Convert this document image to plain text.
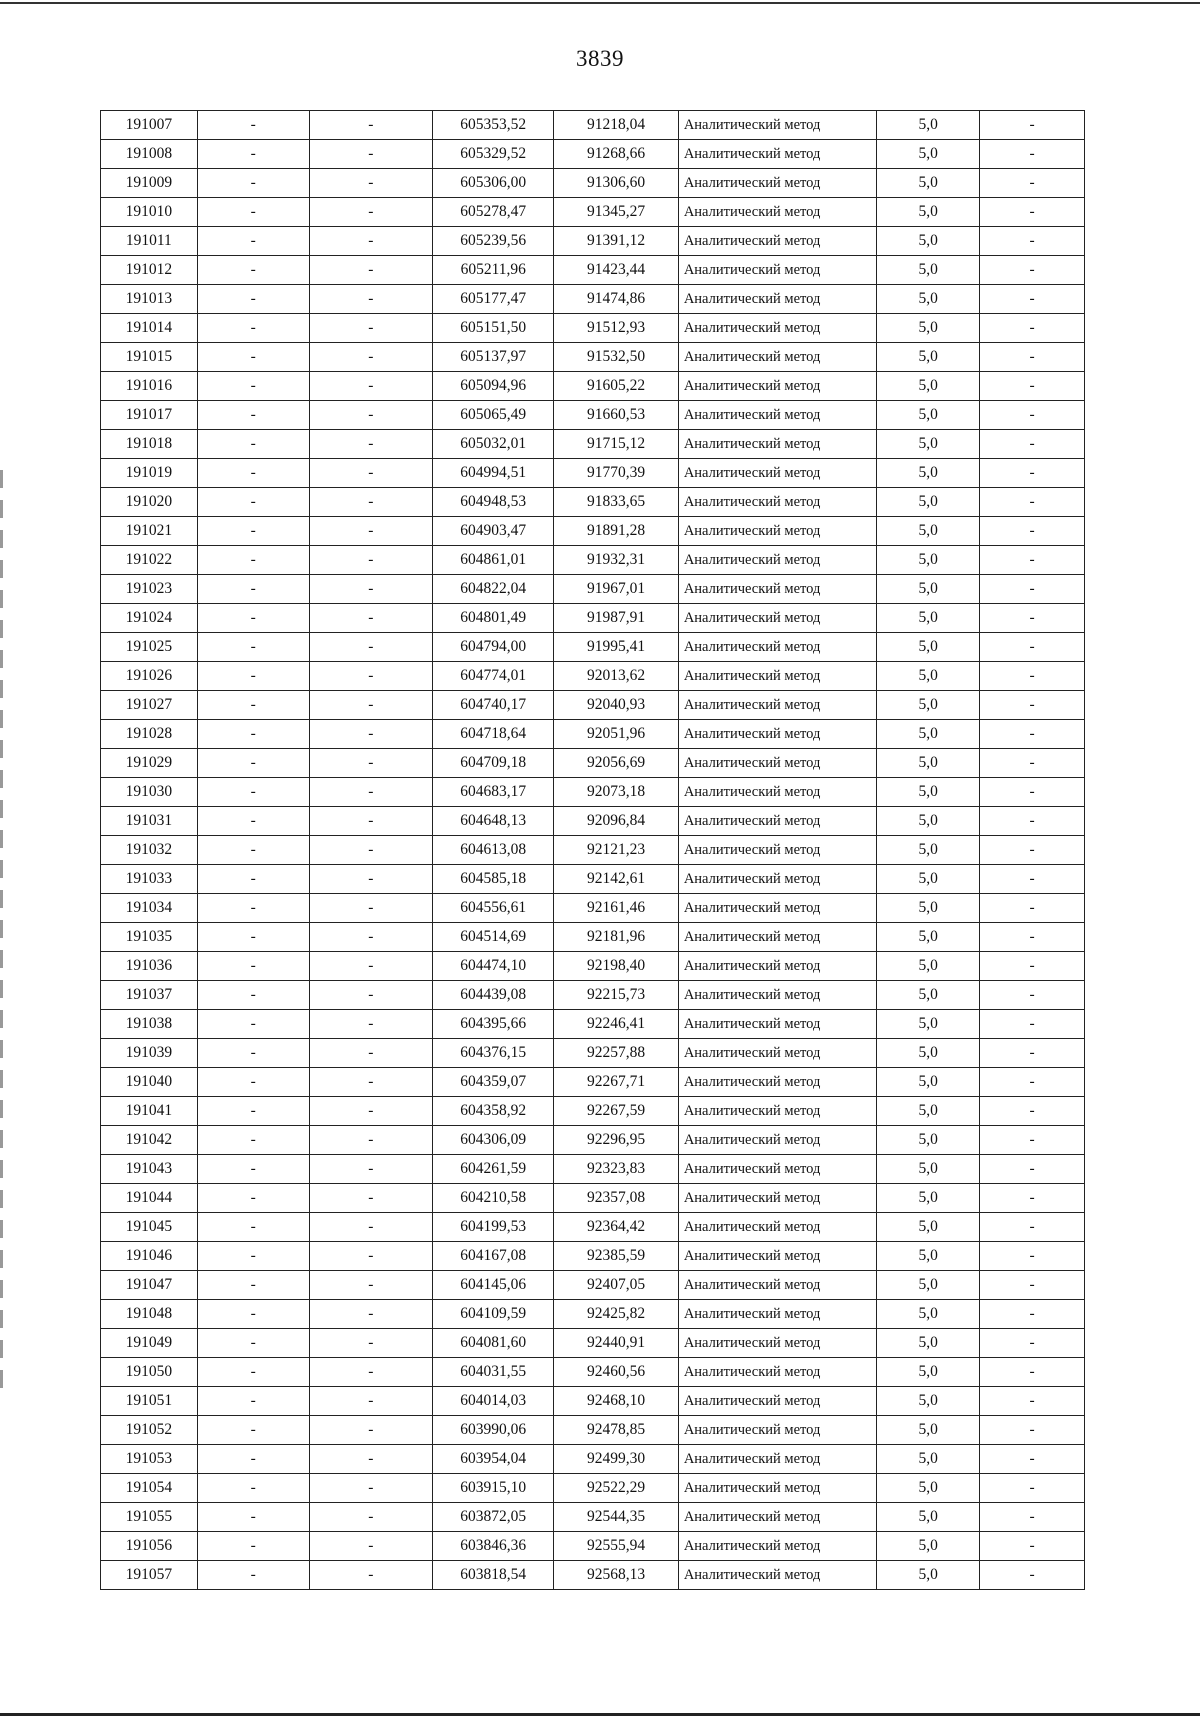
3839
191007	-	-	605353,52	91218,04	Аналитический метод	5,0	-
191008	-	-	605329,52	91268,66	Аналитический метод	5,0	-
191009	-	-	605306,00	91306,60	Аналитический метод	5,0	-
191010	-	-	605278,47	91345,27	Аналитический метод	5,0	-
191011	-	-	605239,56	91391,12	Аналитический метод	5,0	-
191012	-	-	605211,96	91423,44	Аналитический метод	5,0	-
191013	-	-	605177,47	91474,86	Аналитический метод	5,0	-
191014	-	-	605151,50	91512,93	Аналитический метод	5,0	-
191015	-	-	605137,97	91532,50	Аналитический метод	5,0	-
191016	-	-	605094,96	91605,22	Аналитический метод	5,0	-
191017	-	-	605065,49	91660,53	Аналитический метод	5,0	-
191018	-	-	605032,01	91715,12	Аналитический метод	5,0	-
191019	-	-	604994,51	91770,39	Аналитический метод	5,0	-
191020	-	-	604948,53	91833,65	Аналитический метод	5,0	-
191021	-	-	604903,47	91891,28	Аналитический метод	5,0	-
191022	-	-	604861,01	91932,31	Аналитический метод	5,0	-
191023	-	-	604822,04	91967,01	Аналитический метод	5,0	-
191024	-	-	604801,49	91987,91	Аналитический метод	5,0	-
191025	-	-	604794,00	91995,41	Аналитический метод	5,0	-
191026	-	-	604774,01	92013,62	Аналитический метод	5,0	-
191027	-	-	604740,17	92040,93	Аналитический метод	5,0	-
191028	-	-	604718,64	92051,96	Аналитический метод	5,0	-
191029	-	-	604709,18	92056,69	Аналитический метод	5,0	-
191030	-	-	604683,17	92073,18	Аналитический метод	5,0	-
191031	-	-	604648,13	92096,84	Аналитический метод	5,0	-
191032	-	-	604613,08	92121,23	Аналитический метод	5,0	-
191033	-	-	604585,18	92142,61	Аналитический метод	5,0	-
191034	-	-	604556,61	92161,46	Аналитический метод	5,0	-
191035	-	-	604514,69	92181,96	Аналитический метод	5,0	-
191036	-	-	604474,10	92198,40	Аналитический метод	5,0	-
191037	-	-	604439,08	92215,73	Аналитический метод	5,0	-
191038	-	-	604395,66	92246,41	Аналитический метод	5,0	-
191039	-	-	604376,15	92257,88	Аналитический метод	5,0	-
191040	-	-	604359,07	92267,71	Аналитический метод	5,0	-
191041	-	-	604358,92	92267,59	Аналитический метод	5,0	-
191042	-	-	604306,09	92296,95	Аналитический метод	5,0	-
191043	-	-	604261,59	92323,83	Аналитический метод	5,0	-
191044	-	-	604210,58	92357,08	Аналитический метод	5,0	-
191045	-	-	604199,53	92364,42	Аналитический метод	5,0	-
191046	-	-	604167,08	92385,59	Аналитический метод	5,0	-
191047	-	-	604145,06	92407,05	Аналитический метод	5,0	-
191048	-	-	604109,59	92425,82	Аналитический метод	5,0	-
191049	-	-	604081,60	92440,91	Аналитический метод	5,0	-
191050	-	-	604031,55	92460,56	Аналитический метод	5,0	-
191051	-	-	604014,03	92468,10	Аналитический метод	5,0	-
191052	-	-	603990,06	92478,85	Аналитический метод	5,0	-
191053	-	-	603954,04	92499,30	Аналитический метод	5,0	-
191054	-	-	603915,10	92522,29	Аналитический метод	5,0	-
191055	-	-	603872,05	92544,35	Аналитический метод	5,0	-
191056	-	-	603846,36	92555,94	Аналитический метод	5,0	-
191057	-	-	603818,54	92568,13	Аналитический метод	5,0	-
